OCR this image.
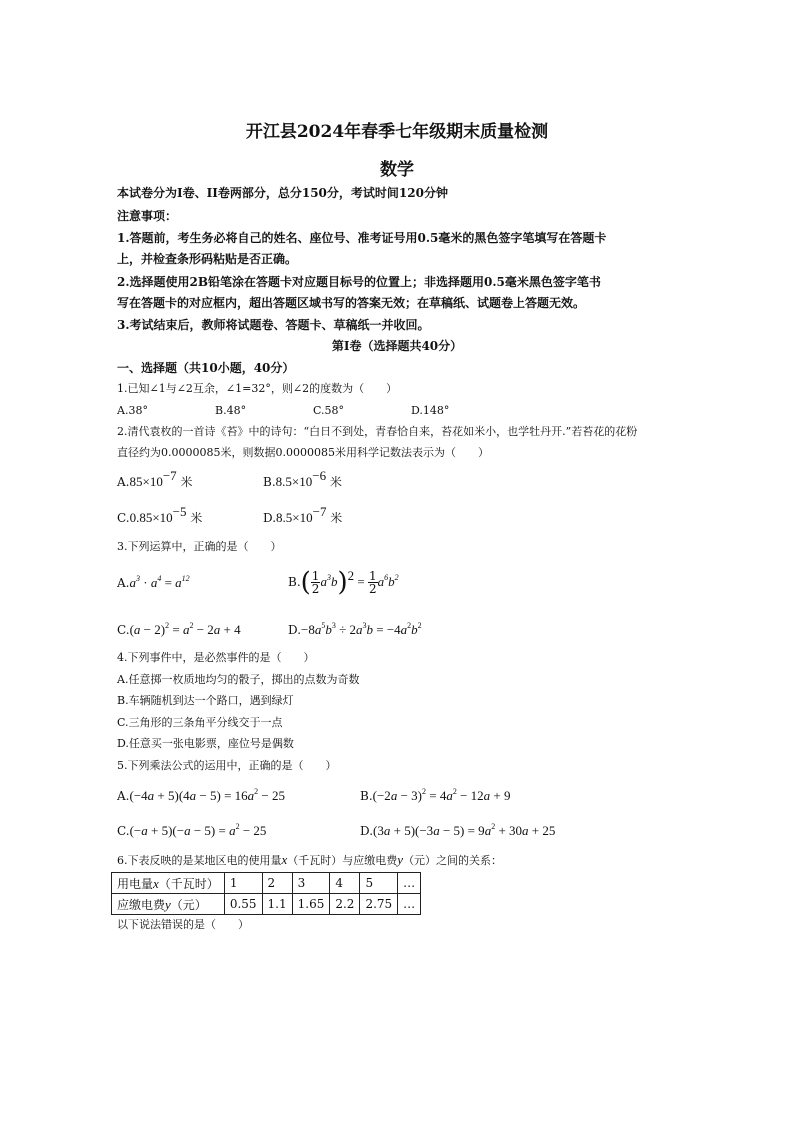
开江县2024年春季七年级期末质量检测
数学
本试卷分为I卷、II卷两部分，总分150分，考试时间120分钟
注意事项：
1.答题前，考生务必将自己的姓名、座位号、准考证号用0.5毫米的黑色签字笔填写在答题卡
上，并检查条形码粘贴是否正确。
2.选择题使用2B铅笔涂在答题卡对应题目标号的位置上；非选择题用0.5毫米黑色签字笔书
写在答题卡的对应框内，超出答题区域书写的答案无效；在草稿纸、试题卷上答题无效。
3.考试结束后，教师将试题卷、答题卡、草稿纸一并收回。
第I卷（选择题共40分）
一、选择题（共10小题，40分）
1.已知∠1与∠2互余，∠1=32°，则∠2的度数为（　　）
A.38°	B.48°	C.58°	D.148°
2.清代袁枚的一首诗《苔》中的诗句：“白日不到处，青春恰自来，苔花如米小，也学牡丹开.”若苔花的花粉
直径约为0.0000085米，则数据0.0000085米用科学记数法表示为（　　）
$A.85\times 10^{-7}$ 米	$B.8.5\times 10^{-6}$ 米
$C.0.85\times 10^{-5}$ 米	$D.8.5\times 10^{-7}$ 米
3.下列运算中，正确的是（　　）
$A.a^3 \cdot a^4 = a^{12}$	$B.( \frac{1}{2} a^3b)^2 = \frac{1}{2} a^6b^2$
$C.(a - 2)^2 = a^2 - 2a + 4$	$D.-8a^5b^3 \div 2a^3b = -4a^2b^2$
4.下列事件中，是必然事件的是（　　）
A.任意掷一枚质地均匀的骰子，掷出的点数为奇数
B.车辆随机到达一个路口，遇到绿灯
C.三角形的三条角平分线交于一点
D.任意买一张电影票，座位号是偶数
5.下列乘法公式的运用中，正确的是（　　）
$A.(-4a + 5)(4a - 5) = 16a^2 - 25$	$B.(-2a - 3)^2 = 4a^2 - 12a + 9$
$C.(-a + 5)(-a - 5) = a^2 - 25$	$D.(3a + 5)(-3a - 5) = 9a^2 + 30a + 25$
6.下表反映的是某地区电的使用量x（千瓦时）与应缴电费y（元）之间的关系：
用电量x（千瓦时）	1	2	3	4	5	…
应缴电费y（元）	0.55	1.1	1.65	2.2	2.75	…
以下说法错误的是（　　）
